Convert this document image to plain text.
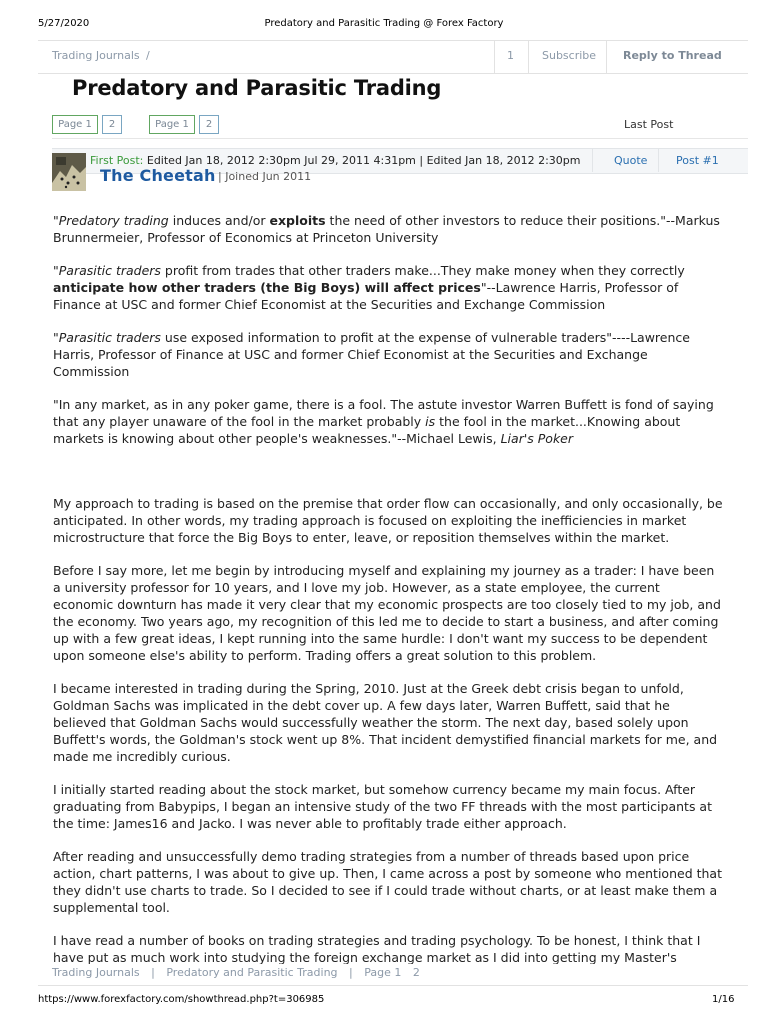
5/27/2020	Predatory and Parasitic Trading @ Forex Factory
Trading Journals /	1	Subscribe Reply to Thread
Predatory and Parasitic Trading
Page 1	2	Page 1	2	Last Post
First Post: Edited Jan 18, 2012 2:30pm Jul 29, 2011 4:31pm | Edited Jan 18, 2012 2:30pm	Quote	Post #1
The Cheetah | Joined Jun 2011

"Predatory trading induces and/or exploits the need of other investors to reduce their positions."--Markus Brunnermeier, Professor of Economics at Princeton University

"Parasitic traders profit from trades that other traders make...They make money when they correctly anticipate how other traders (the Big Boys) will affect prices"--Lawrence Harris, Professor of Finance at USC and former Chief Economist at the Securities and Exchange Commission

"Parasitic traders use exposed information to profit at the expense of vulnerable traders"----Lawrence Harris, Professor of Finance at USC and former Chief Economist at the Securities and Exchange Commission

"In any market, as in any poker game, there is a fool. The astute investor Warren Buffett is fond of saying that any player unaware of the fool in the market probably is the fool in the market...Knowing about markets is knowing about other people's weaknesses."--Michael Lewis, Liar's Poker

My approach to trading is based on the premise that order flow can occasionally, and only occasionally, be anticipated. In other words, my trading approach is focused on exploiting the inefficiencies in market microstructure that force the Big Boys to enter, leave, or reposition themselves within the market.

Before I say more, let me begin by introducing myself and explaining my journey as a trader: I have been a university professor for 10 years, and I love my job. However, as a state employee, the current economic downturn has made it very clear that my economic prospects are too closely tied to my job, and the economy. Two years ago, my recognition of this led me to decide to start a business, and after coming up with a few great ideas, I kept running into the same hurdle: I don't want my success to be dependent upon someone else's ability to perform. Trading offers a great solution to this problem.

I became interested in trading during the Spring, 2010. Just at the Greek debt crisis began to unfold, Goldman Sachs was implicated in the debt cover up. A few days later, Warren Buffett, said that he believed that Goldman Sachs would successfully weather the storm. The next day, based solely upon Buffett's words, the Goldman's stock went up 8%. That incident demystified financial markets for me, and made me incredibly curious.

I initially started reading about the stock market, but somehow currency became my main focus. After graduating from Babypips, I began an intensive study of the two FF threads with the most participants at the time: James16 and Jacko. I was never able to profitably trade either approach.

After reading and unsuccessfully demo trading strategies from a number of threads based upon price action, chart patterns, I was about to give up. Then, I came across a post by someone who mentioned that they didn't use charts to trade. So I decided to see if I could trade without charts, or at least make them a supplemental tool.

I have read a number of books on trading strategies and trading psychology. To be honest, I think that I have put as much work into studying the foreign exchange market as I did into getting my Master's

Trading Journals | Predatory and Parasitic Trading | Page 1 2
https://www.forexfactory.com/showthread.php?t=306985	1/16
